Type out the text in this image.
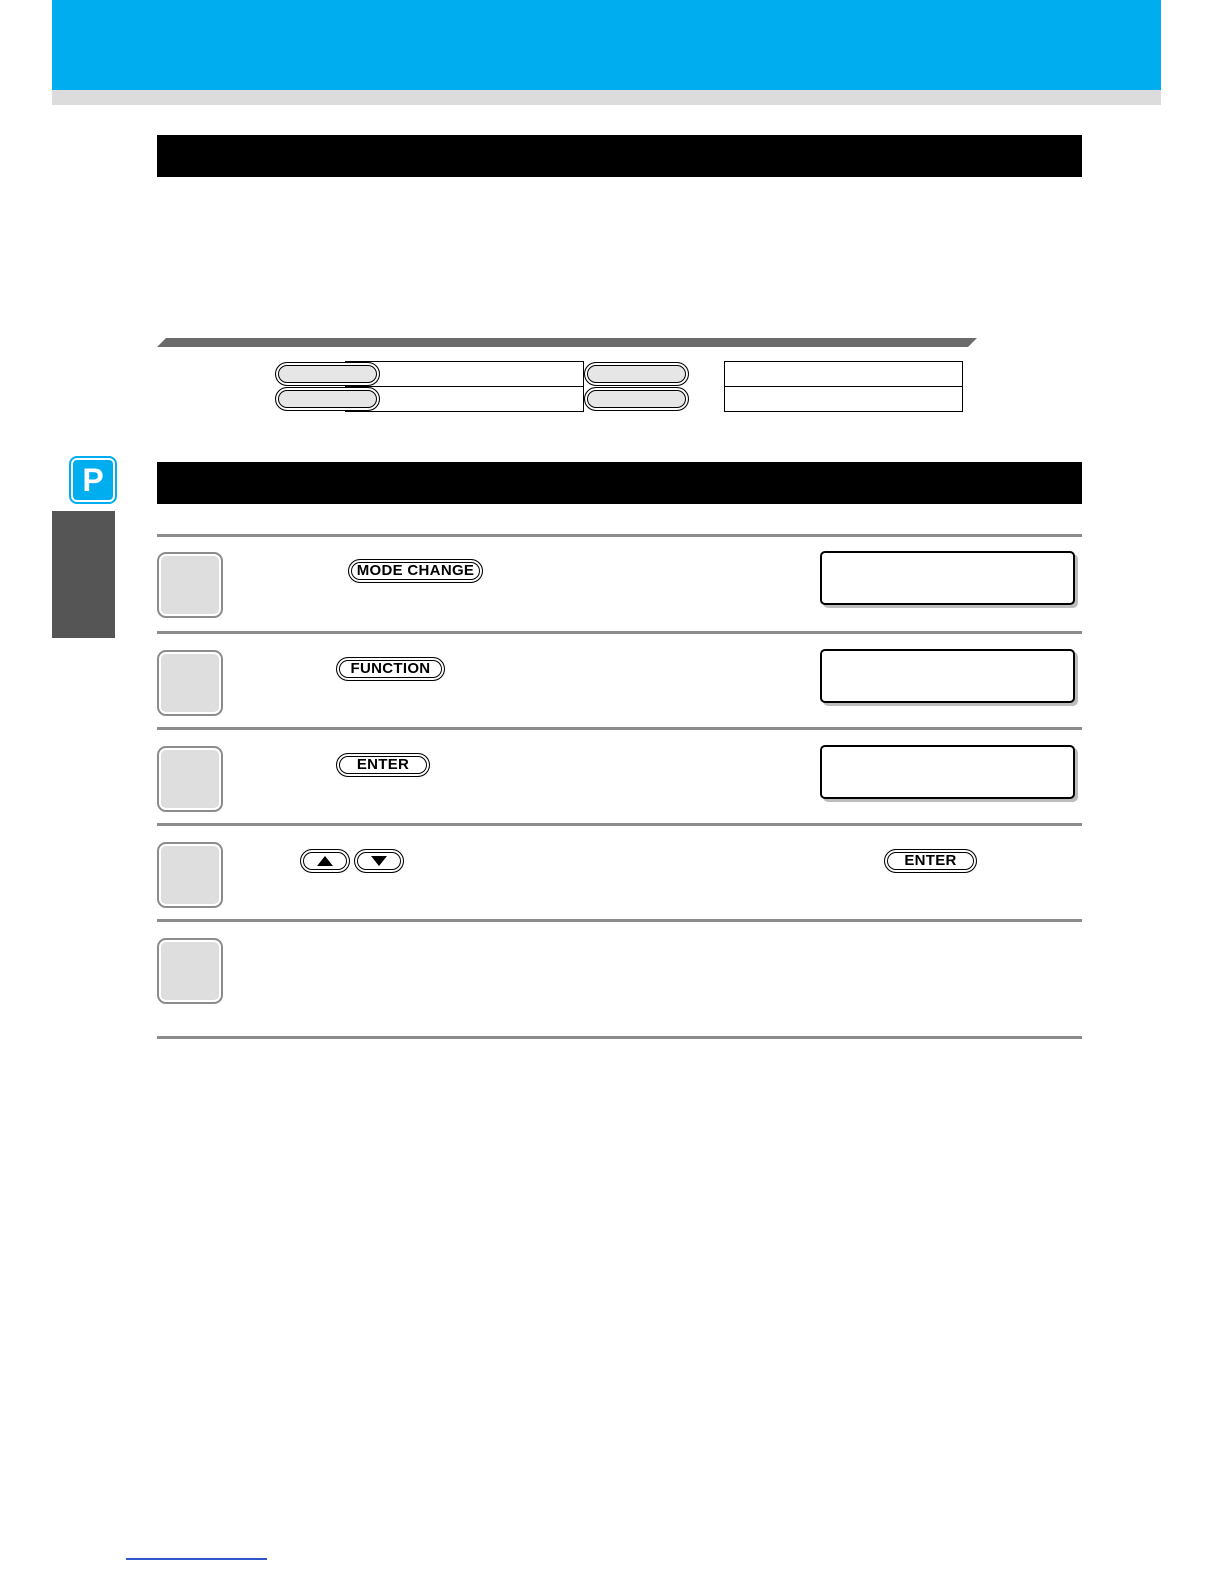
P
MODE CHANGE
FUNCTION
ENTER
ENTER
